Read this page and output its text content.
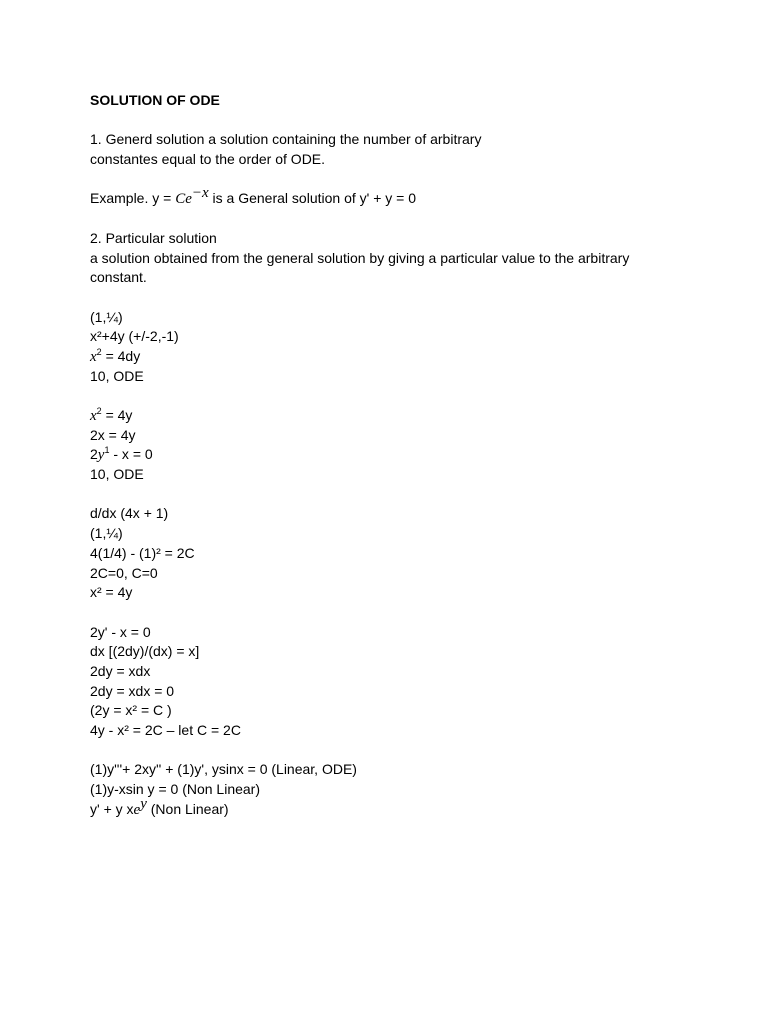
SOLUTION OF ODE
1. Generd solution a solution containing the number of arbitrary
constantes equal to the order of ODE.
Example. $y = Ce^{-x}$ is a General solution of y' + y = 0
2. Particular solution
a solution obtained from the general solution by giving a particular value to the arbitrary
constant.
(1,¼)
x²+4y (+/-2,-1)
$x^2 = 4dy$
10, ODE
$x^2 = 4y$
2x = 4y
$2y^1 - x = 0$
10, ODE
d/dx (4x + 1)
(1,¼)
4(1/4) - (1)² = 2C
2C=0, C=0
x² = 4y
2y' - x = 0
dx [(2dy)/(dx) = x]
2dy = xdx
2dy = xdx = 0
(2y = x² = C )
4y - x² = 2C – let C = 2C
(1)y'''+ 2xy'' + (1)y', ysinx = 0 (Linear, ODE)
(1)y-xsin y = 0 (Non Linear)
y' + y $xe^y$ (Non Linear)
